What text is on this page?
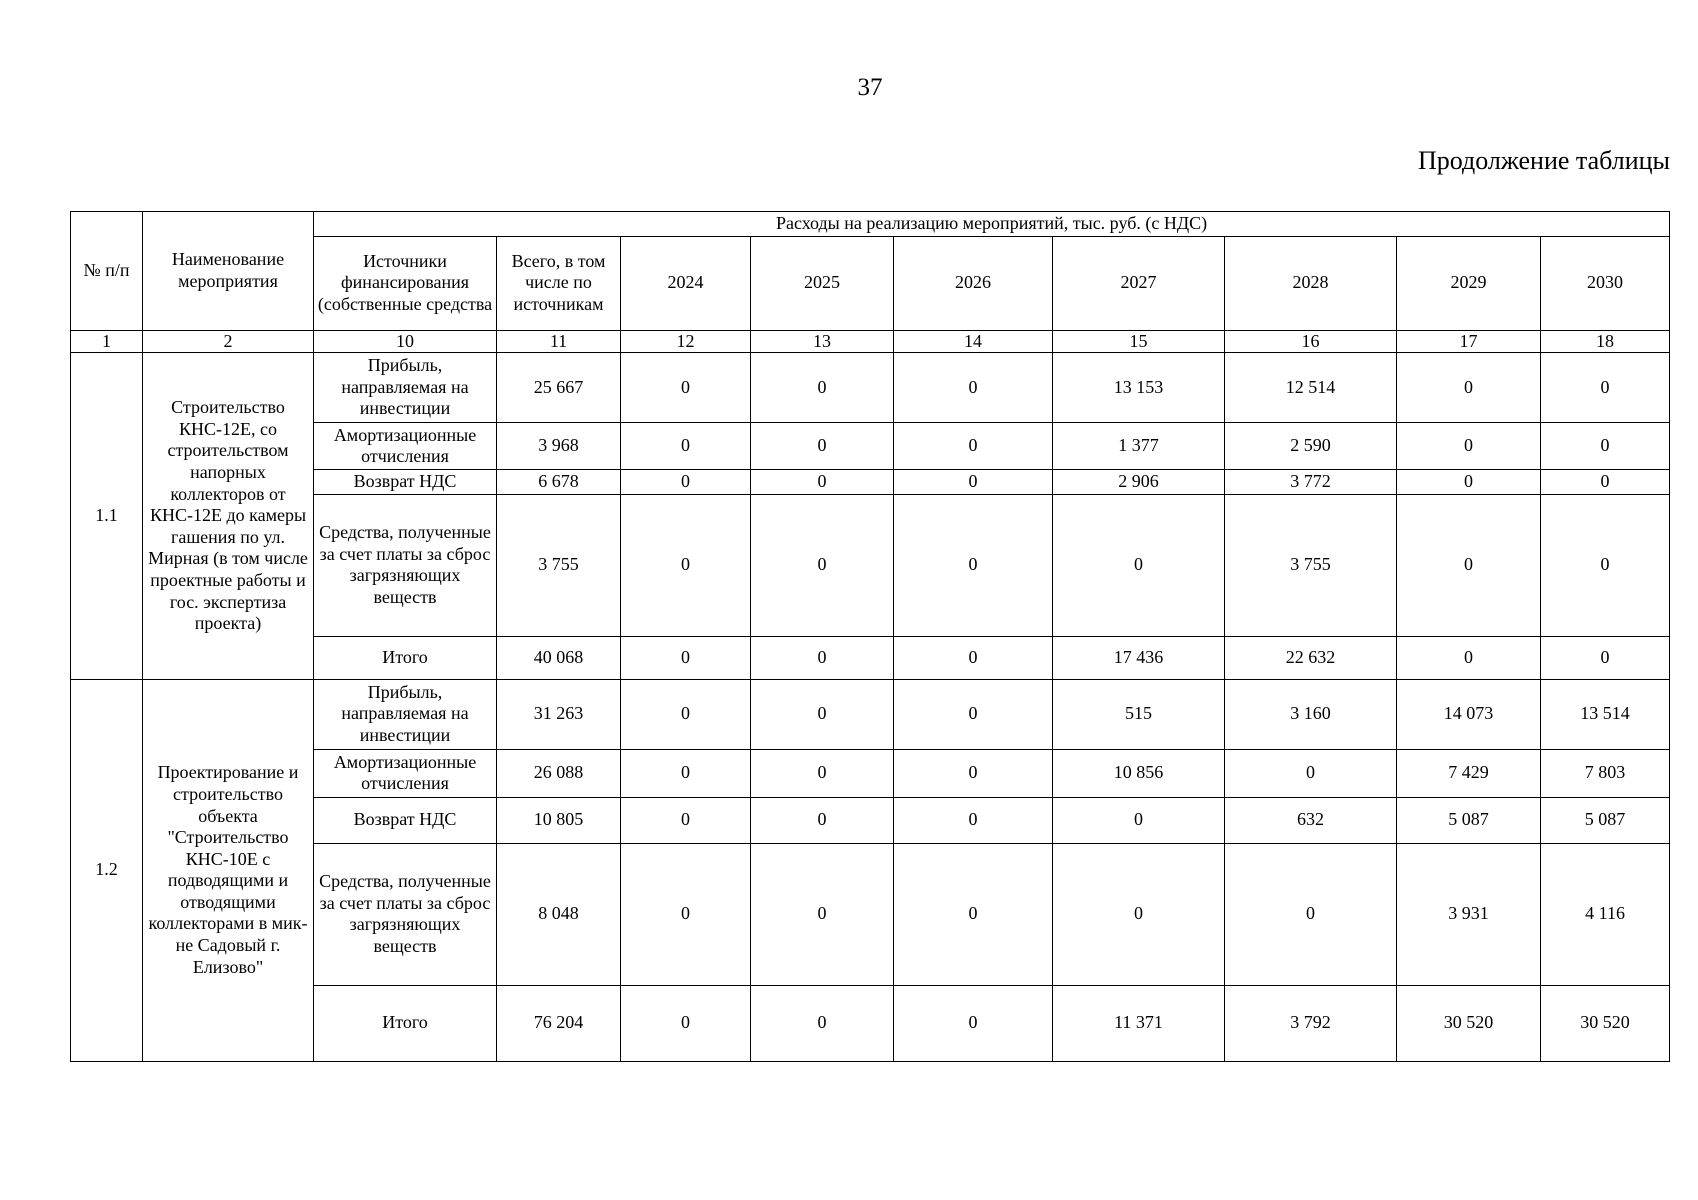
37
Продолжение таблицы
№ п/п	Наименование мероприятия	Расходы на реализацию мероприятий, тыс. руб. (с НДС)								
		Источники финансирования (собственные средства	Всего, в том числе по источникам	2024	2025	2026	2027	2028	2029	2030
1	2	10	11	12	13	14	15	16	17	18
1.1	Строительство КНС-12Е, со строительством напорных коллекторов от КНС-12Е до камеры гашения по ул. Мирная (в том числе проектные работы и гос. экспертиза проекта)	Прибыль, направляемая на инвестиции	25 667	0	0	0	13 153	12 514	0	0
		Амортизационные отчисления	3 968	0	0	0	1 377	2 590	0	0
		Возврат НДС	6 678	0	0	0	2 906	3 772	0	0
		Средства, полученные за счет платы за сброс загрязняющих веществ	3 755	0	0	0	0	3 755	0	0
		Итого	40 068	0	0	0	17 436	22 632	0	0
1.2	Проектирование и строительство объекта "Строительство КНС-10Е с подводящими и отводящими коллекторами в мик-не Садовый г. Елизово"	Прибыль, направляемая на инвестиции	31 263	0	0	0	515	3 160	14 073	13 514
		Амортизационные отчисления	26 088	0	0	0	10 856	0	7 429	7 803
		Возврат НДС	10 805	0	0	0	0	632	5 087	5 087
		Средства, полученные за счет платы за сброс загрязняющих веществ	8 048	0	0	0	0	0	3 931	4 116
		Итого	76 204	0	0	0	11 371	3 792	30 520	30 520
